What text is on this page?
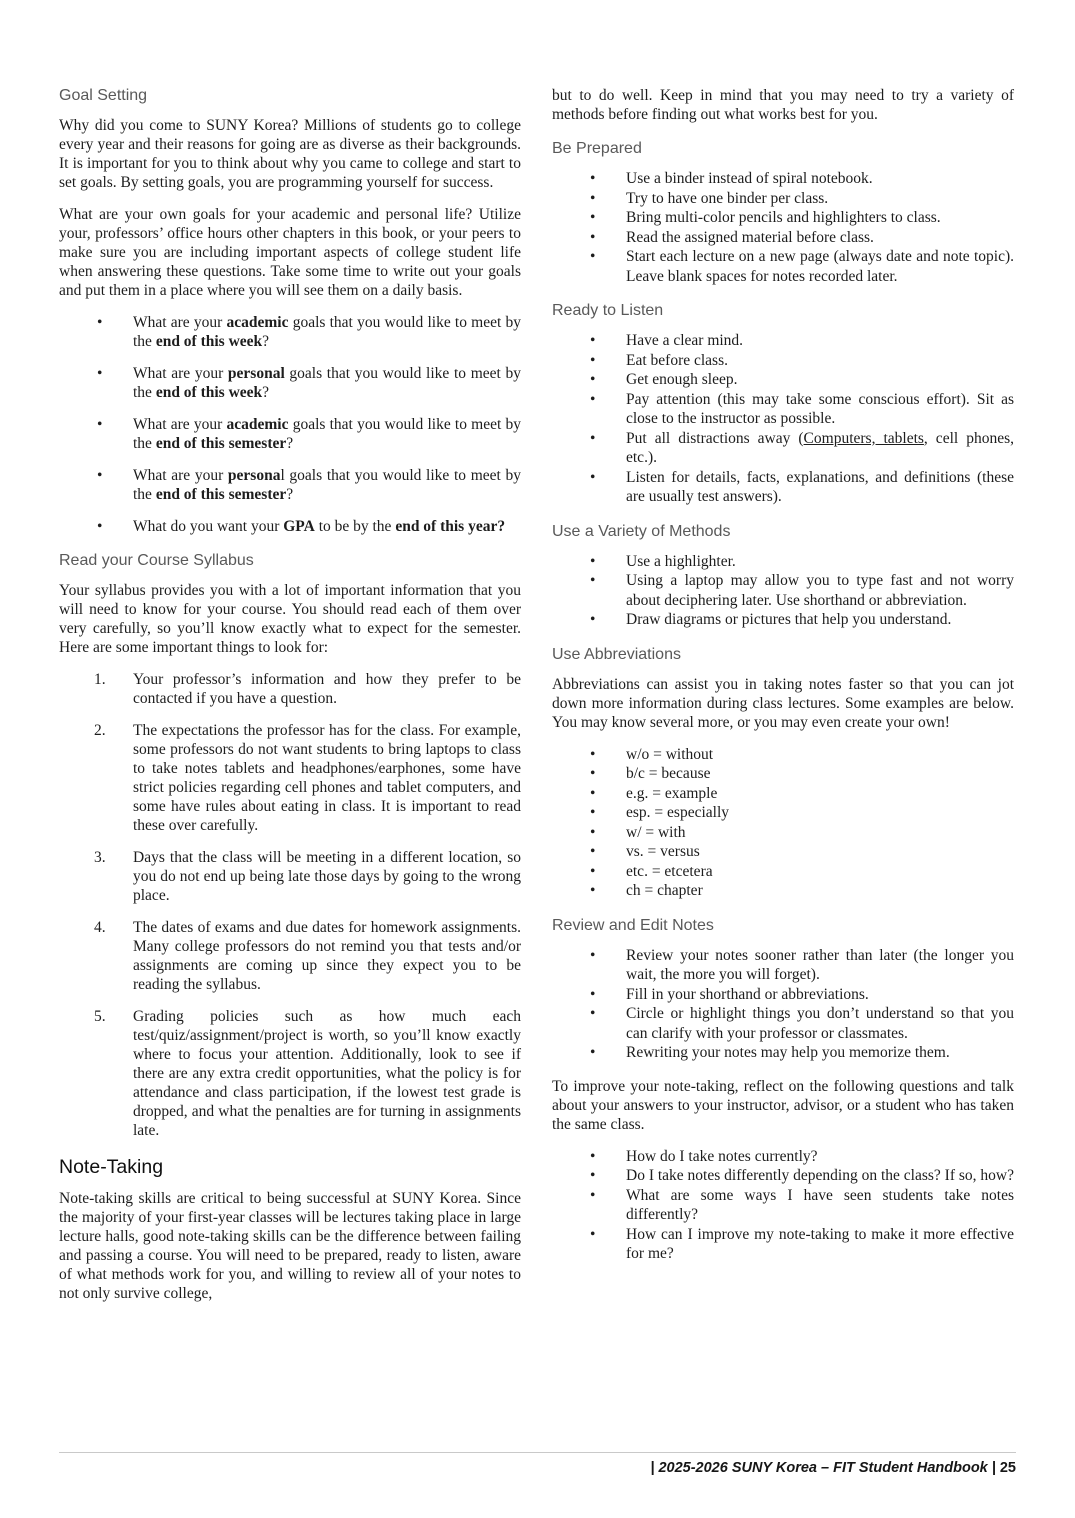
Goal Setting

Why did you come to SUNY Korea? Millions of students go to college every year and their reasons for going are as diverse as their backgrounds. It is important for you to think about why you came to college and start to set goals. By setting goals, you are programming yourself for success.

What are your own goals for your academic and personal life? Utilize your, professors’ office hours other chapters in this book, or your peers to make sure you are including important aspects of college student life when answering these questions. Take some time to write out your goals and put them in a place where you will see them on a daily basis.

• What are your academic goals that you would like to meet by the end of this week?
• What are your personal goals that you would like to meet by the end of this week?
• What are your academic goals that you would like to meet by the end of this semester?
• What are your personal goals that you would like to meet by the end of this semester?
• What do you want your GPA to be by the end of this year?
Read your Course Syllabus

Your syllabus provides you with a lot of important information that you will need to know for your course. You should read each of them over very carefully, so you’ll know exactly what to expect for the semester. Here are some important things to look for:

Your professor’s information and how they prefer to be contacted if you have a question.
The expectations the professor has for the class. For example, some professors do not want students to bring laptops to class to take notes tablets and headphones/earphones, some have strict policies regarding cell phones and tablet computers, and some have rules about eating in class. It is important to read these over carefully.
Days that the class will be meeting in a different location, so you do not end up being late those days by going to the wrong place.
The dates of exams and due dates for homework assignments. Many college professors do not remind you that tests and/or assignments are coming up since they expect you to be reading the syllabus.
Grading policies such as how much each test/quiz/assignment/project is worth, so you’ll know exactly where to focus your attention. Additionally, look to see if there are any extra credit opportunities, what the policy is for attendance and class participation, if the lowest test grade is dropped, and what the penalties are for turning in assignments late.
Note-Taking

Note-taking skills are critical to being successful at SUNY Korea. Since the majority of your first-year classes will be lectures taking place in large lecture halls, good note-taking skills can be the difference between failing and passing a course. You will need to be prepared, ready to listen, aware of what methods work for you, and willing to review all of your notes to not only survive college,

but to do well. Keep in mind that you may need to try a variety of methods before finding out what works best for you.

Be Prepared
• Use a binder instead of spiral notebook.
• Try to have one binder per class.
• Bring multi-color pencils and highlighters to class.
• Read the assigned material before class.
• Start each lecture on a new page (always date and note topic). Leave blank spaces for notes recorded later.
Ready to Listen
• Have a clear mind.
• Eat before class.
• Get enough sleep.
• Pay attention (this may take some conscious effort). Sit as close to the instructor as possible.
• Put all distractions away (Computers, tablets, cell phones, etc.).
• Listen for details, facts, explanations, and definitions (these are usually test answers).
Use a Variety of Methods
• Use a highlighter.
• Using a laptop may allow you to type fast and not worry about deciphering later. Use shorthand or abbreviation.
• Draw diagrams or pictures that help you understand.
Use Abbreviations

Abbreviations can assist you in taking notes faster so that you can jot down more information during class lectures. Some examples are below. You may know several more, or you may even create your own!

• w/o = without
• b/c = because
• e.g. = example
• esp. = especially
• w/ = with
• vs. = versus
• etc. = etcetera
• ch = chapter
Review and Edit Notes
• Review your notes sooner rather than later (the longer you wait, the more you will forget).
• Fill in your shorthand or abbreviations.
• Circle or highlight things you don’t understand so that you can clarify with your professor or classmates.
• Rewriting your notes may help you memorize them.

To improve your note-taking, reflect on the following questions and talk about your answers to your instructor, advisor, or a student who has taken the same class.

• How do I take notes currently?
• Do I take notes differently depending on the class? If so, how?
• What are some ways I have seen students take notes differently?
• How can I improve my note-taking to make it more effective for me?
| 2025-2026 SUNY Korea – FIT Student Handbook | 25
